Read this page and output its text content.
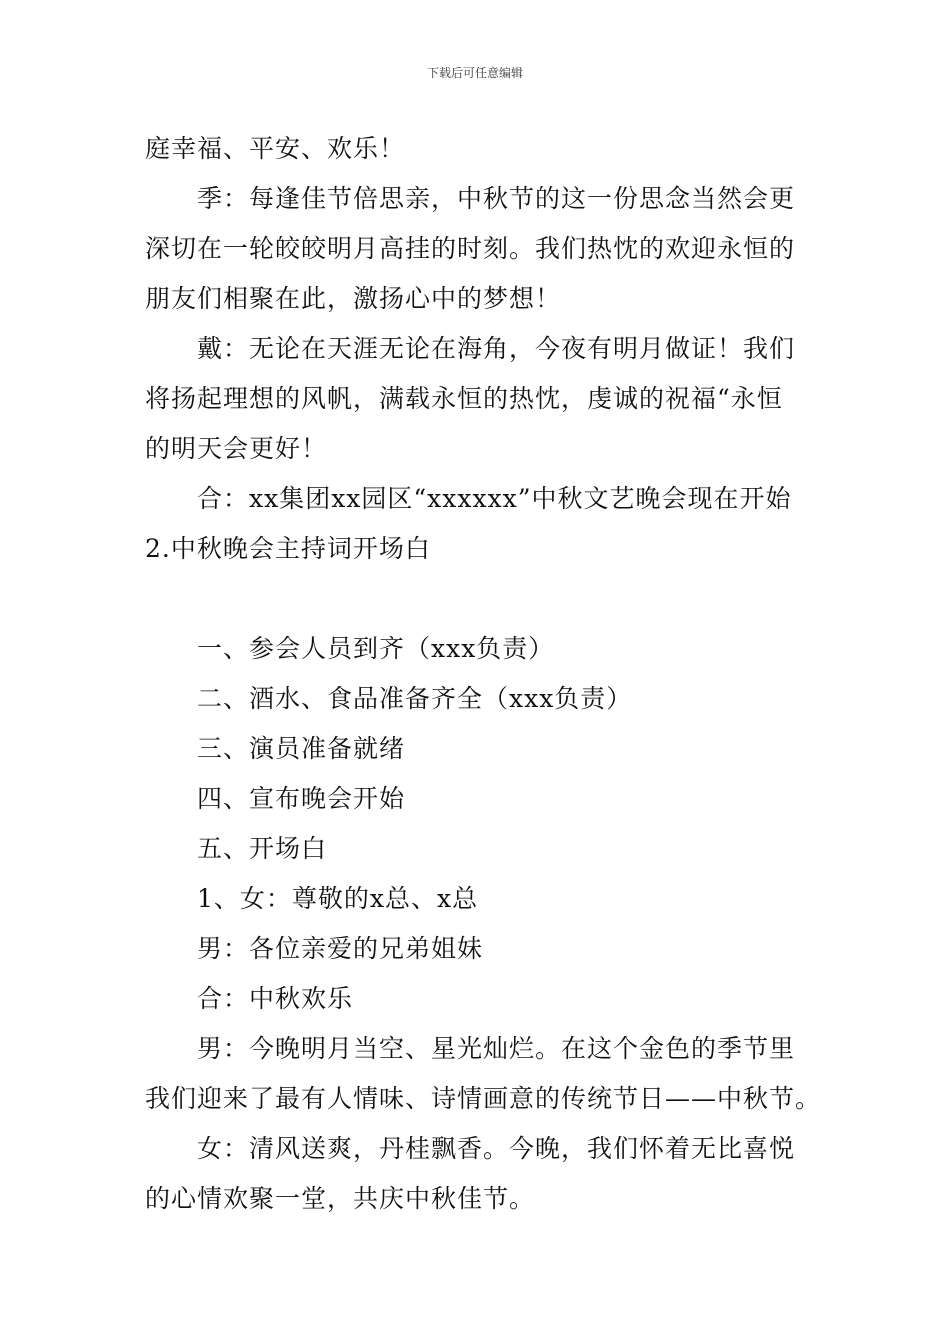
下载后可任意编辑
庭幸福、平安、欢乐！
季：每逢佳节倍思亲，中秋节的这一份思念当然会更
深切在一轮皎皎明月高挂的时刻。我们热忱的欢迎永恒的
朋友们相聚在此，激扬心中的梦想！
戴：无论在天涯无论在海角，今夜有明月做证！我们
将扬起理想的风帆，满载永恒的热忱，虔诚的祝福“永恒
的明天会更好！
合：xx集团xx园区“xxxxxx”中秋文艺晚会现在开始
2.中秋晚会主持词开场白
一、参会人员到齐（xxx负责）
二、酒水、食品准备齐全（xxx负责）
三、演员准备就绪
四、宣布晚会开始
五、开场白
1、女：尊敬的x总、x总
男：各位亲爱的兄弟姐妹
合：中秋欢乐
男：今晚明月当空、星光灿烂。在这个金色的季节里
我们迎来了最有人情味、诗情画意的传统节日——中秋节。
女：清风送爽，丹桂飘香。今晚，我们怀着无比喜悦
的心情欢聚一堂，共庆中秋佳节。
